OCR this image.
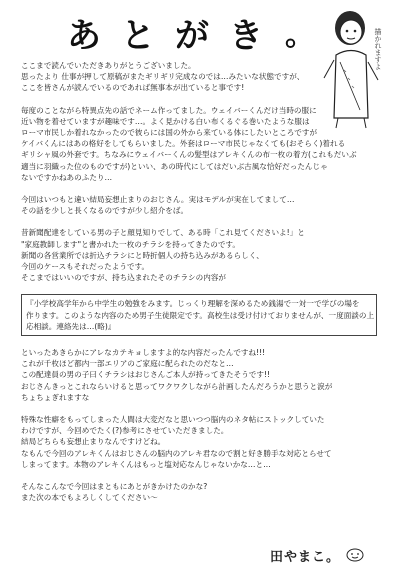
あ と が き 。	描かれますよ

ここまで読んでいただきありがとうございました。

思ったより 仕事が押して原稿がまたギリギリ完成なのでは…みたいな状態ですが、

ここを皆さんが読んでいるのであれば無事本が出ていると事です!

毎度のことながら特異点先の話でネーム作ってました。ウェイバーくんだけ当時の服に

近い物を着せていますが趣味です…。よく見かける白い布くるぐる巻いたような服は

ローマ市民しか着れなかったので彼らには国の外から来ている体にしたいところですが

ケイバくんにはあの格好をしてもらいました。外套はローマ市民じゃなくても(おそらく)着れる

ギリシャ風の外套です。ちなみにウェイバーくんの髪型はアレキくんの布一枚の着方(これもだいぶ

適当に羽織った位のものですが)といい、あの時代にしてはだいぶ古風な恰好だったんじゃ

ないですかねあのふたり…

今回はいつもと違い結局妄想止まりのおじさん。実はモデルが実在してまして…

その話を少しと長くなるのですが少し紹介をば。

昔新聞配達をしている男の子と顔見知りでして、ある時「これ見てくださいよ!」と

"家庭教師します"と書かれた一枚のチラシを持ってきたのです。

新聞の各営業所では折込チラシにと時折個人の持ち込みがあるらしく、

今回のケースもそれだったようです。

そこまではいいのですが、持ち込まれたそのチラシの内容が

『小学校高学年から中学生の勉強をみます。じっくり理解を深めるため銭湯で一対一で学びの場を

作ります。このような内容のため男子生徒限定です。高校生は受け付けておりませんが、一度面談の上

応相談。連絡先は…(略)』

といったあきらかにアレなカテキョしますよ的な内容だったんですね!!!

これが千枚ほど都内一部エリアのご家庭に配られたのだなと…

この配達員の男の子曰くチラシはおじさんご本人が持ってきたそうです!!

おじさんきっとこれならいけると思ってワクワクしながら計画したんだろうかと思うと涙が

ちょちょぎれますな

特殊な性癖をもってしまった人間は大変だなと思いつつ脳内のネタ帖にストックしていた

わけですが、今回めでたく(?)参考にさせていただきました。

結局どちらも妄想止まりなんですけどね。

なもんで今回のアレキくんはおじさんの脳内のアレキ君なので割と好き勝手な対応とらせて

しまってます。本物のアレキくんはもっと塩対応なんじゃないかな…と…

そんなこんなで今回はまともにあとがきかけたのかな?

また次の本でもよろしくしてください〜

田やまこ。
